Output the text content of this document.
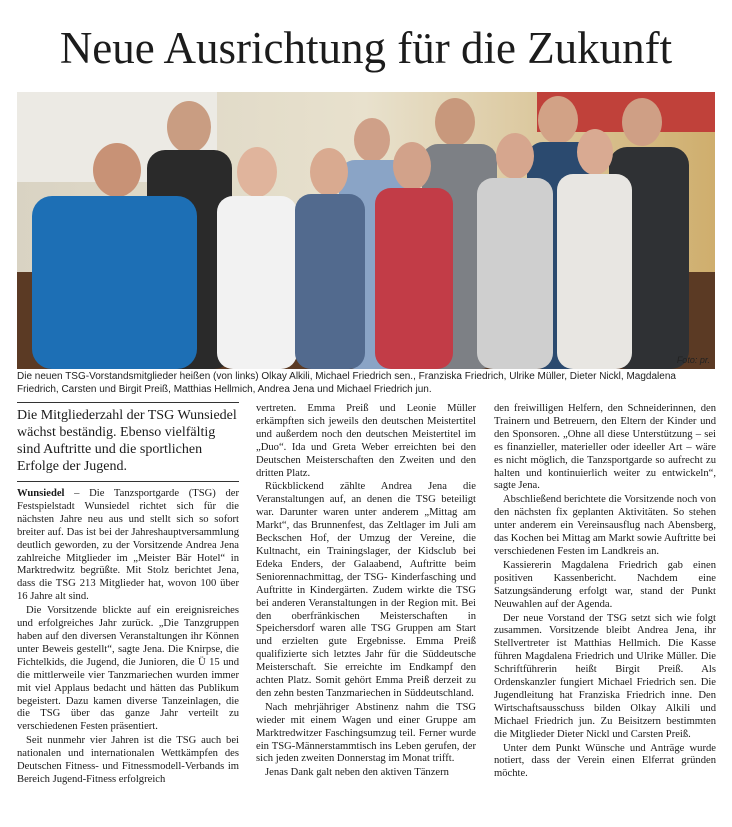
Neue Ausrichtung für die Zukunft
Foto: pr.
Die neuen TSG-Vorstandsmitglieder heißen (von links) Olkay Alkili, Michael Friedrich sen., Franziska Friedrich, Ulrike Müller, Dieter Nickl, Magdalena Friedrich, Carsten und Birgit Preiß, Matthias Hellmich, Andrea Jena und Michael Friedrich jun.
Die Mitgliederzahl der TSG Wunsiedel wächst beständig. Ebenso vielfältig sind Auftritte und die sportlichen Erfolge der Jugend.

Wunsiedel – Die Tanzsportgarde (TSG) der Festspielstadt Wunsiedel richtet sich für die nächsten Jahre neu aus und stellt sich so sofort breiter auf. Das ist bei der Jahreshauptversammlung deutlich geworden, zu der Vorsitzende Andrea Jena zahlreiche Mitglieder im „Meister Bär Hotel“ in Marktredwitz begrüßte. Mit Stolz berichtet Jena, dass die TSG 213 Mitglieder hat, wovon 100 über 16 Jahre alt sind.

Die Vorsitzende blickte auf ein ereignisreiches und erfolgreiches Jahr zurück. „Die Tanzgruppen haben auf den diversen Veranstaltungen ihr Können unter Beweis gestellt“, sagte Jena. Die Knirpse, die Fichtelkids, die Jugend, die Junioren, die Ü 15 und die mittlerweile vier Tanzmariechen wurden immer mit viel Applaus bedacht und hätten das Publikum begeistert. Dazu kamen diverse Tanzeinlagen, die die TSG über das ganze Jahr verteilt zu verschiedenen Festen präsentiert.

Seit nunmehr vier Jahren ist die TSG auch bei nationalen und internationalen Wettkämpfen des Deutschen Fitness- und Fitnessmodell-Verbands im Bereich Jugend-Fitness erfolgreich

vertreten. Emma Preiß und Leonie Müller erkämpften sich jeweils den deutschen Meistertitel und außerdem noch den deutschen Meistertitel im „Duo“. Ida und Greta Weber erreichten bei den Deutschen Meisterschaften den Zweiten und den dritten Platz.

Rückblickend zählte Andrea Jena die Veranstaltungen auf, an denen die TSG beteiligt war. Darunter waren unter anderem „Mittag am Markt“, das Brunnenfest, das Zeltlager im Juli am Beckschen Hof, der Umzug der Vereine, die Kultnacht, ein Trainingslager, der Kidsclub bei Edeka Enders, der Galaabend, Auftritte beim Seniorennachmittag, der TSG- Kinderfasching und Auftritte in Kindergärten. Zudem wirkte die TSG bei anderen Veranstaltungen in der Region mit. Bei den oberfränkischen Meisterschaften in Speichersdorf waren alle TSG Gruppen am Start und erzielten gute Ergebnisse. Emma Preiß qualifizierte sich letztes Jahr für die Süddeutsche Meisterschaft. Sie erreichte im Endkampf den achten Platz. Somit gehört Emma Preiß derzeit zu den zehn besten Tanzmariechen in Süddeutschland.

Nach mehrjähriger Abstinenz nahm die TSG wieder mit einem Wagen und einer Gruppe am Marktredwitzer Faschingsumzug teil. Ferner wurde ein TSG-Männerstammtisch ins Leben gerufen, der sich jeden zweiten Donnerstag im Monat trifft.

Jenas Dank galt neben den aktiven Tänzern

den freiwilligen Helfern, den Schneiderinnen, den Trainern und Betreuern, den Eltern der Kinder und den Sponsoren. „Ohne all diese Unterstützung – sei es finanzieller, materieller oder ideeller Art – wäre es nicht möglich, die Tanzsportgarde so aufrecht zu halten und kontinuierlich weiter zu entwickeln“, sagte Jena.

Abschließend berichtete die Vorsitzende noch von den nächsten fix geplanten Aktivitäten. So stehen unter anderem ein Vereinsausflug nach Abensberg, das Kochen bei Mittag am Markt sowie Auftritte bei verschiedenen Festen im Landkreis an.

Kassiererin Magdalena Friedrich gab einen positiven Kassenbericht. Nachdem eine Satzungsänderung erfolgt war, stand der Punkt Neuwahlen auf der Agenda.

Der neue Vorstand der TSG setzt sich wie folgt zusammen. Vorsitzende bleibt Andrea Jena, ihr Stellvertreter ist Matthias Hellmich. Die Kasse führen Magdalena Friedrich und Ulrike Müller. Die Schriftführerin heißt Birgit Preiß. Als Ordenskanzler fungiert Michael Friedrich sen. Die Jugendleitung hat Franziska Friedrich inne. Den Wirtschaftsausschuss bilden Olkay Alkili und Michael Friedrich jun. Zu Beisitzern bestimmten die Mitglieder Dieter Nickl und Carsten Preiß.

Unter dem Punkt Wünsche und Anträge wurde notiert, dass der Verein einen Elferrat gründen möchte.
